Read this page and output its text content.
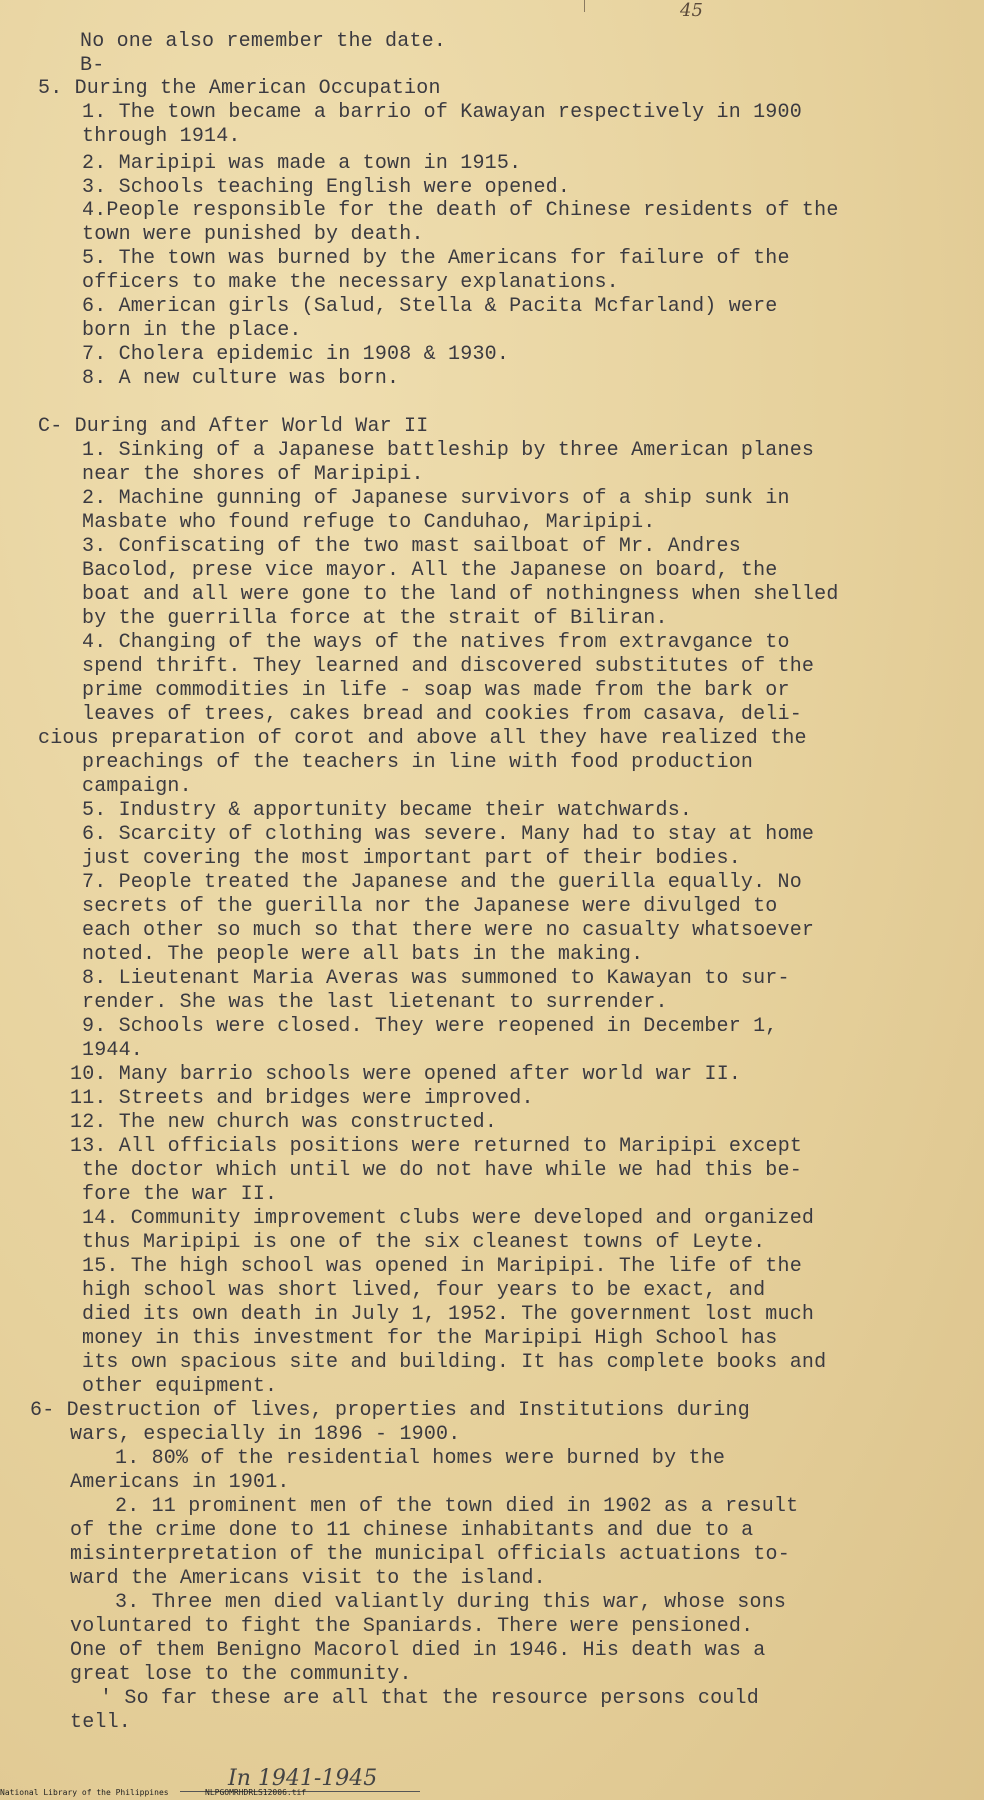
45
No one also remember the date.
B-
5. During the American Occupation
1. The town became a barrio of Kawayan respectively in 1900
through 1914.
2. Maripipi was made a town in 1915.
3. Schools teaching English were opened.
4.People responsible for the death of Chinese residents of the
town were punished by death.
5. The town was burned by the Americans for failure of the
officers to make the necessary explanations.
6. American girls (Salud, Stella & Pacita Mcfarland) were
born in the place.
7. Cholera epidemic in 1908 & 1930.
8. A new culture was born.
C- During and After World War II
1. Sinking of a Japanese battleship by three American planes
near the shores of Maripipi.
2. Machine gunning of Japanese survivors of a ship sunk in
Masbate who found refuge to Canduhao, Maripipi.
3. Confiscating of the two mast sailboat of Mr. Andres
Bacolod, prese vice mayor. All the Japanese on board, the
boat and all were gone to the land of nothingness when shelled
by the guerrilla force at the strait of Biliran.
4. Changing of the ways of the natives from extravgance to
spend thrift. They learned and discovered substitutes of the
prime commodities in life - soap was made from the bark or
leaves of trees, cakes bread and cookies from casava, deli-
cious preparation of corot and above all they have realized the
preachings of the teachers in line with food production
campaign.
5. Industry & apportunity became their watchwards.
6. Scarcity of clothing was severe. Many had to stay at home
just covering the most important part of their bodies.
7. People treated the Japanese and the guerilla equally. No
secrets of the guerilla nor the Japanese were divulged to
each other so much so that there were no casualty whatsoever
noted. The people were all bats in the making.
8. Lieutenant Maria Averas was summoned to Kawayan to sur-
render. She was the last lietenant to surrender.
9. Schools were closed. They were reopened in December 1,
1944.
10. Many barrio schools were opened after world war II.
11. Streets and bridges were improved.
12. The new church was constructed.
13. All officials positions were returned to Maripipi except
the doctor which until we do not have while we had this be-
fore the war II.
14. Community improvement clubs were developed and organized
thus Maripipi is one of the six cleanest towns of Leyte.
15. The high school was opened in Maripipi. The life of the
high school was short lived, four years to be exact, and
died its own death in July 1, 1952. The government lost much
money in this investment for the Maripipi High School has
its own spacious site and building. It has complete books and
other equipment.
6- Destruction of lives, properties and Institutions during
wars, especially in 1896 - 1900.
1. 80% of the residential homes were burned by the
Americans in 1901.
2. 11 prominent men of the town died in 1902 as a result
of the crime done to 11 chinese inhabitants and due to a
misinterpretation of the municipal officials actuations to-
ward the Americans visit to the island.
3. Three men died valiantly during this war, whose sons
voluntared to fight the Spaniards. There were pensioned.
One of them Benigno Macorol died in 1946. His death was a
great lose to the community.
' So far these are all that the resource persons could
tell.
In 1941-1945
National Library of the Philippines	NLPGOMRHDRLS12006.tif
